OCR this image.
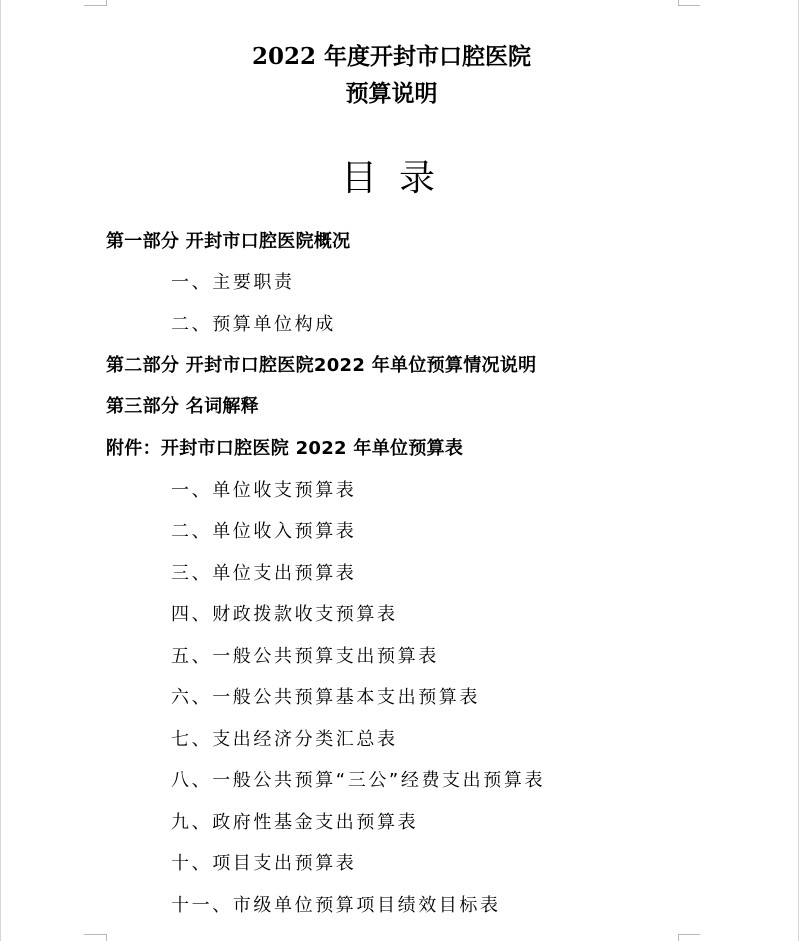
2022 年度开封市口腔医院
预算说明
目录
第一部分 开封市口腔医院概况
一、主要职责
二、预算单位构成
第二部分 开封市口腔医院2022 年单位预算情况说明
第三部分 名词解释
附件：开封市口腔医院 2022 年单位预算表
一、单位收支预算表
二、单位收入预算表
三、单位支出预算表
四、财政拨款收支预算表
五、一般公共预算支出预算表
六、一般公共预算基本支出预算表
七、支出经济分类汇总表
八、一般公共预算“三公”经费支出预算表
九、政府性基金支出预算表
十、项目支出预算表
十一、市级单位预算项目绩效目标表
